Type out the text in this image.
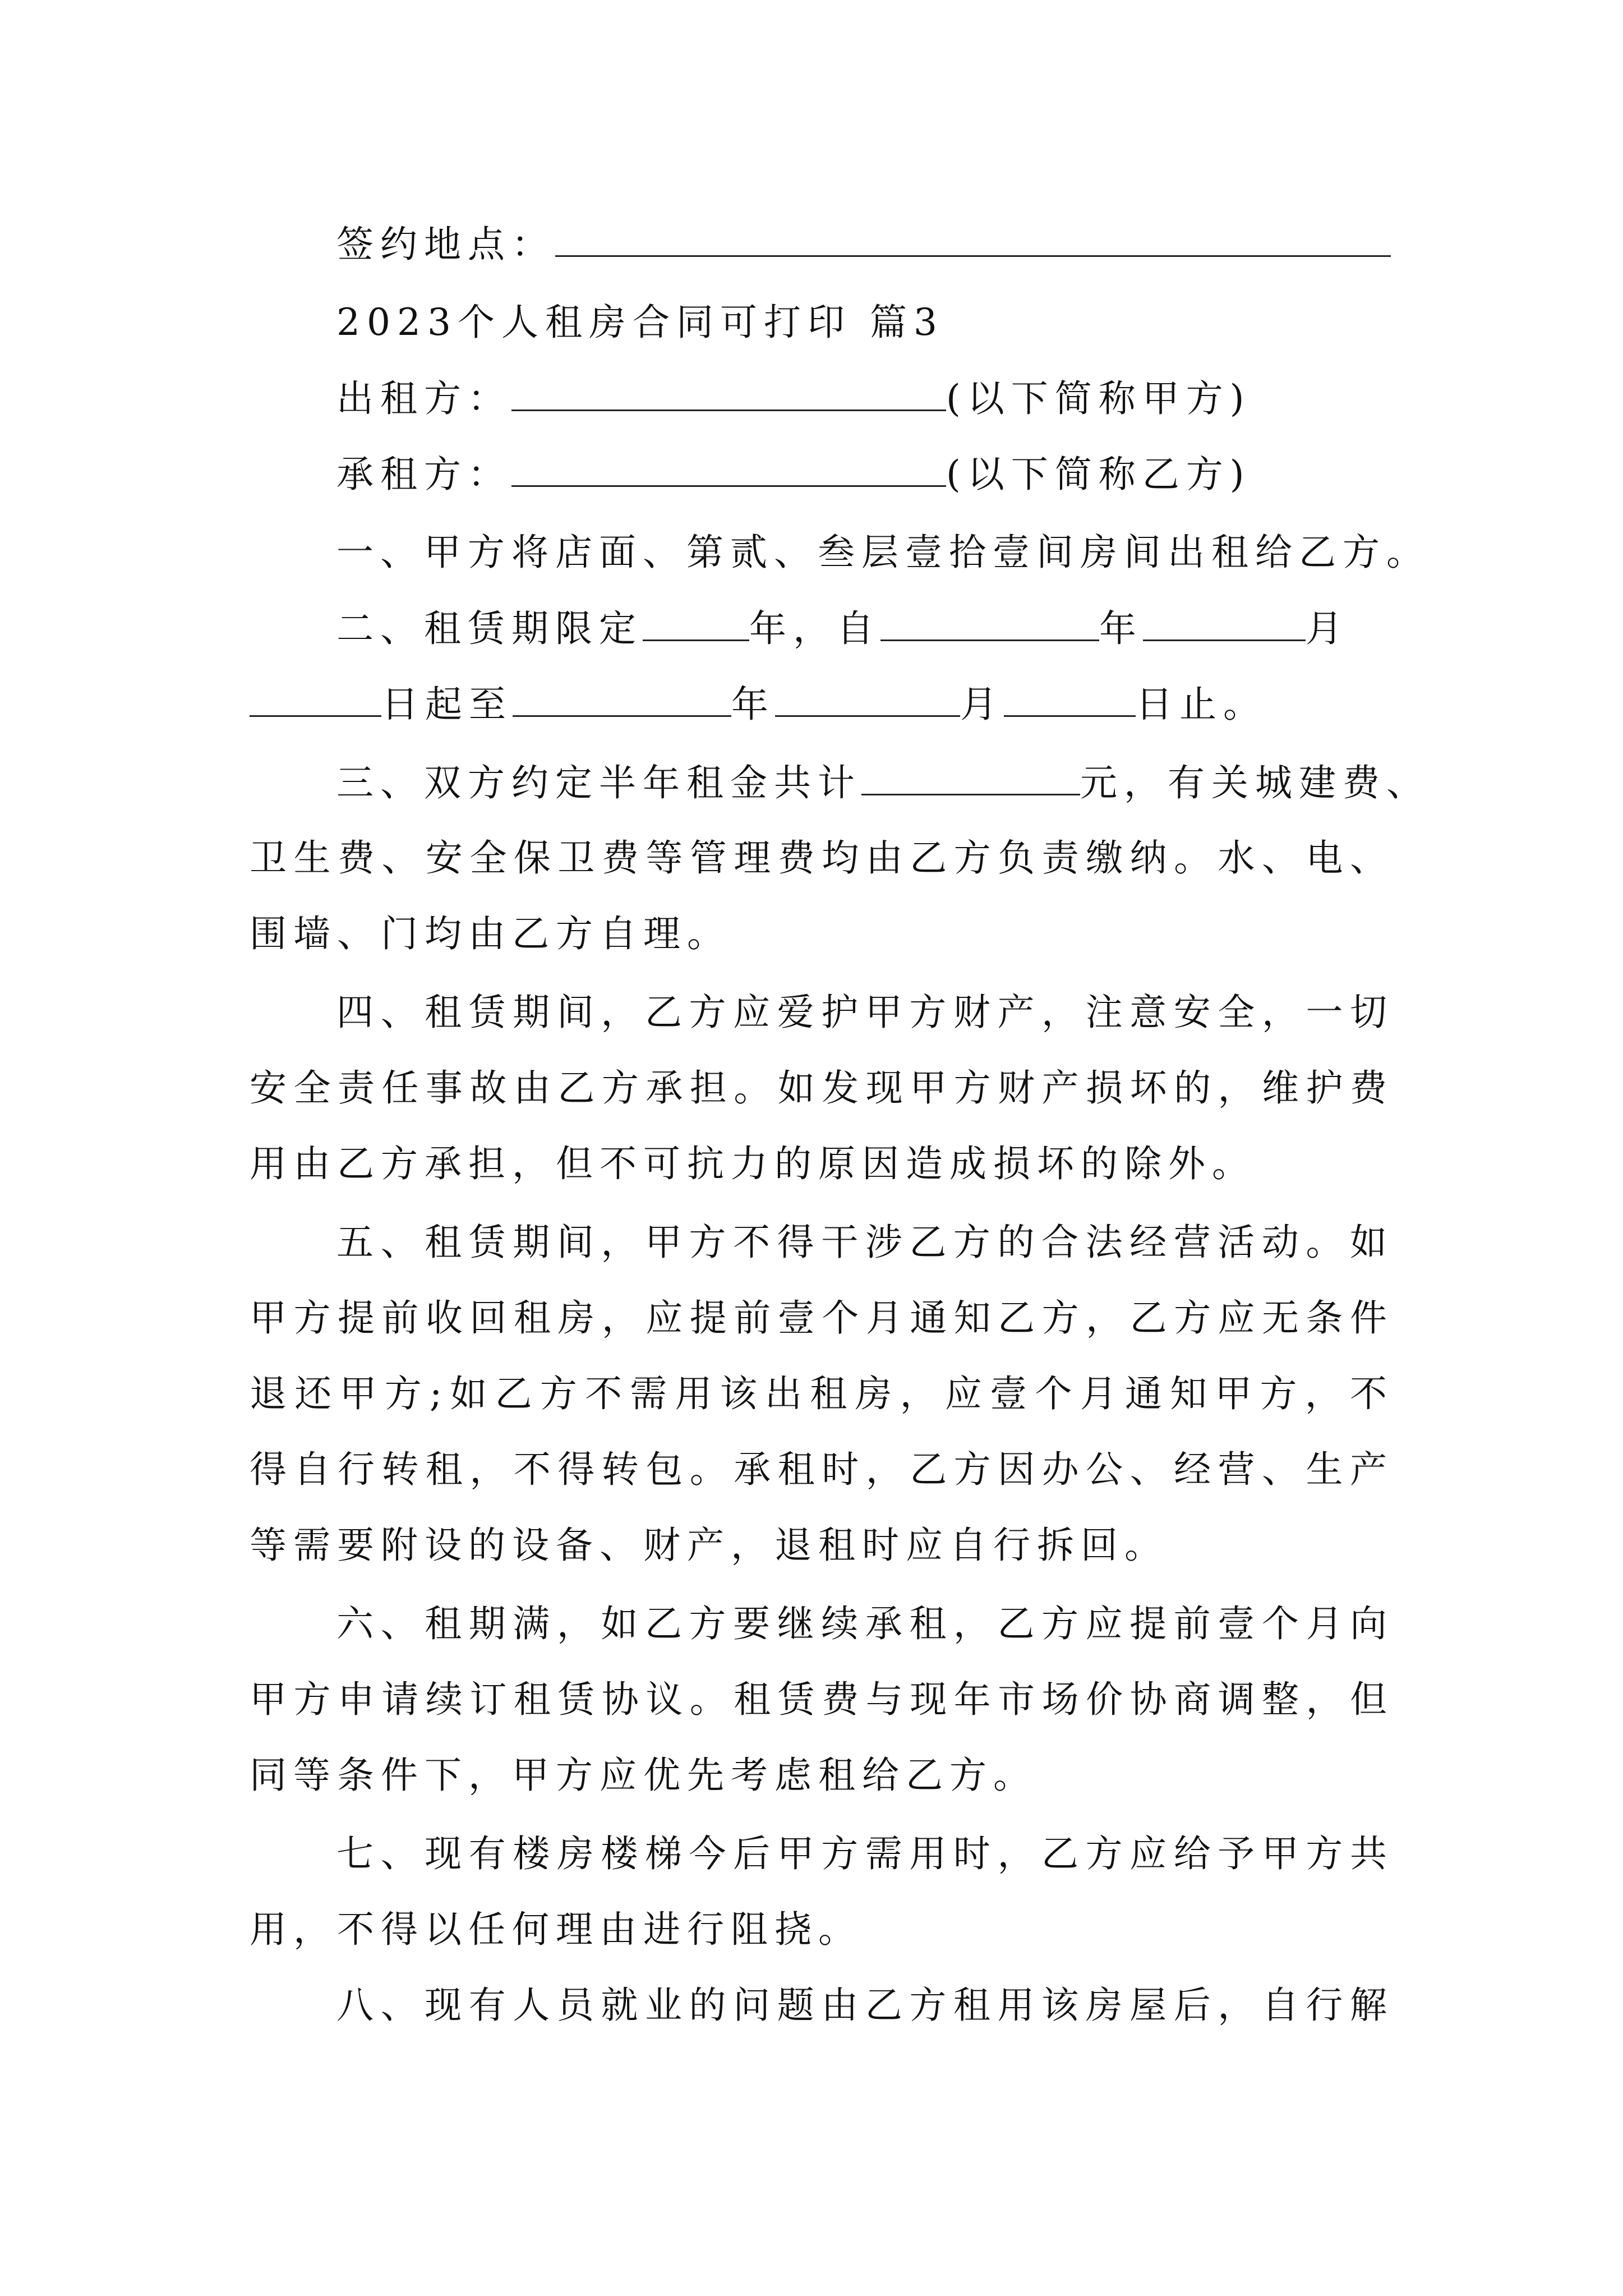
签约地点：
2023个人租房合同可打印 篇3
出租方：	(以下简称甲方)
承租方：	(以下简称乙方)
一、甲方将店面、第贰、叁层壹拾壹间房间出租给乙方。
二、租赁期限定	年，自	年	月
日起至	年	月	日止。
三、双方约定半年租金共计	元，有关城建费、
卫生费、安全保卫费等管理费均由乙方负责缴纳。水、电、
围墙、门均由乙方自理。
四、租赁期间，乙方应爱护甲方财产，注意安全，一切
安全责任事故由乙方承担。如发现甲方财产损坏的，维护费
用由乙方承担，但不可抗力的原因造成损坏的除外。
五、租赁期间，甲方不得干涉乙方的合法经营活动。如
甲方提前收回租房，应提前壹个月通知乙方，乙方应无条件
退还甲方;如乙方不需用该出租房，应壹个月通知甲方，不
得自行转租，不得转包。承租时，乙方因办公、经营、生产
等需要附设的设备、财产，退租时应自行拆回。
六、租期满，如乙方要继续承租，乙方应提前壹个月向
甲方申请续订租赁协议。租赁费与现年市场价协商调整，但
同等条件下，甲方应优先考虑租给乙方。
七、现有楼房楼梯今后甲方需用时，乙方应给予甲方共
用，不得以任何理由进行阻挠。
八、现有人员就业的问题由乙方租用该房屋后，自行解
